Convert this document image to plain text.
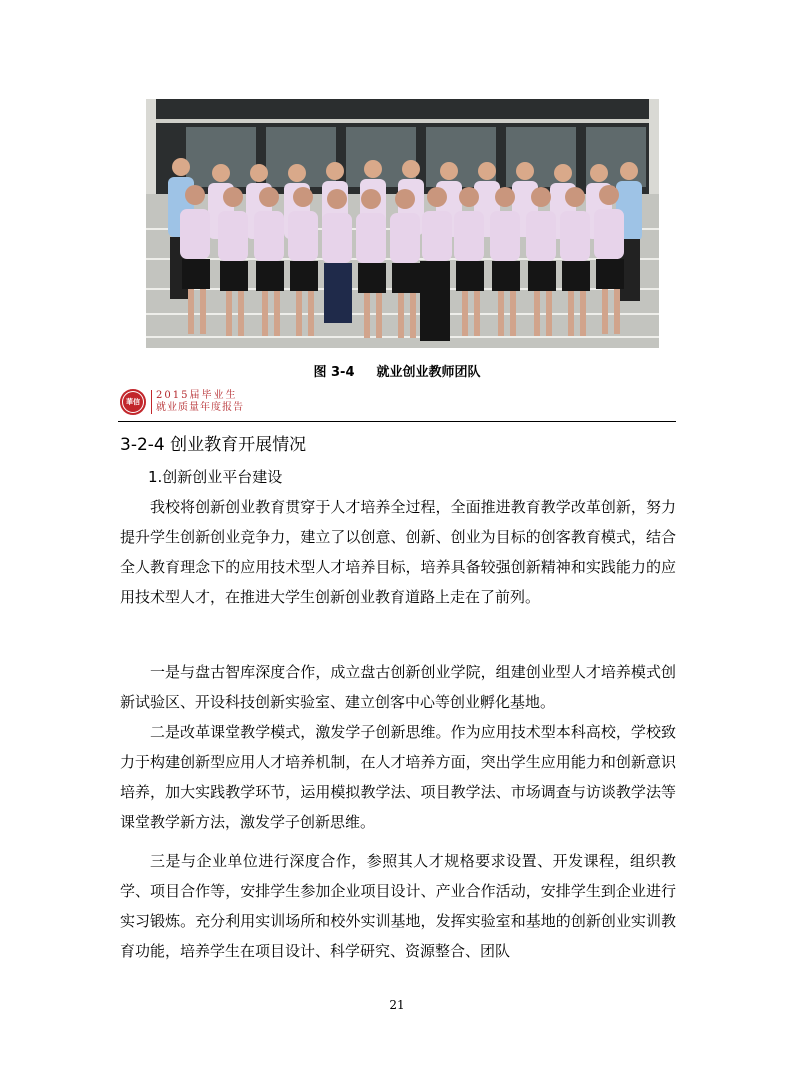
图 3-4 就业创业教师团队
華信
2015届毕业生
就业质量年度报告
3-2-4 创业教育开展情况
1.创新创业平台建设

我校将创新创业教育贯穿于人才培养全过程，全面推进教育教学改革创新，努力提升学生创新创业竞争力，建立了以创意、创新、创业为目标的创客教育模式，结合全人教育理念下的应用技术型人才培养目标，培养具备较强创新精神和实践能力的应用技术型人才，在推进大学生创新创业教育道路上走在了前列。

一是与盘古智库深度合作，成立盘古创新创业学院，组建创业型人才培养模式创新试验区、开设科技创新实验室、建立创客中心等创业孵化基地。

二是改革课堂教学模式，激发学子创新思维。作为应用技术型本科高校，学校致力于构建创新型应用人才培养机制，在人才培养方面，突出学生应用能力和创新意识培养，加大实践教学环节，运用模拟教学法、项目教学法、市场调查与访谈教学法等课堂教学新方法，激发学子创新思维。

三是与企业单位进行深度合作，参照其人才规格要求设置、开发课程，组织教学、项目合作等，安排学生参加企业项目设计、产业合作活动，安排学生到企业进行实习锻炼。充分利用实训场所和校外实训基地，发挥实验室和基地的创新创业实训教育功能，培养学生在项目设计、科学研究、资源整合、团队

21
